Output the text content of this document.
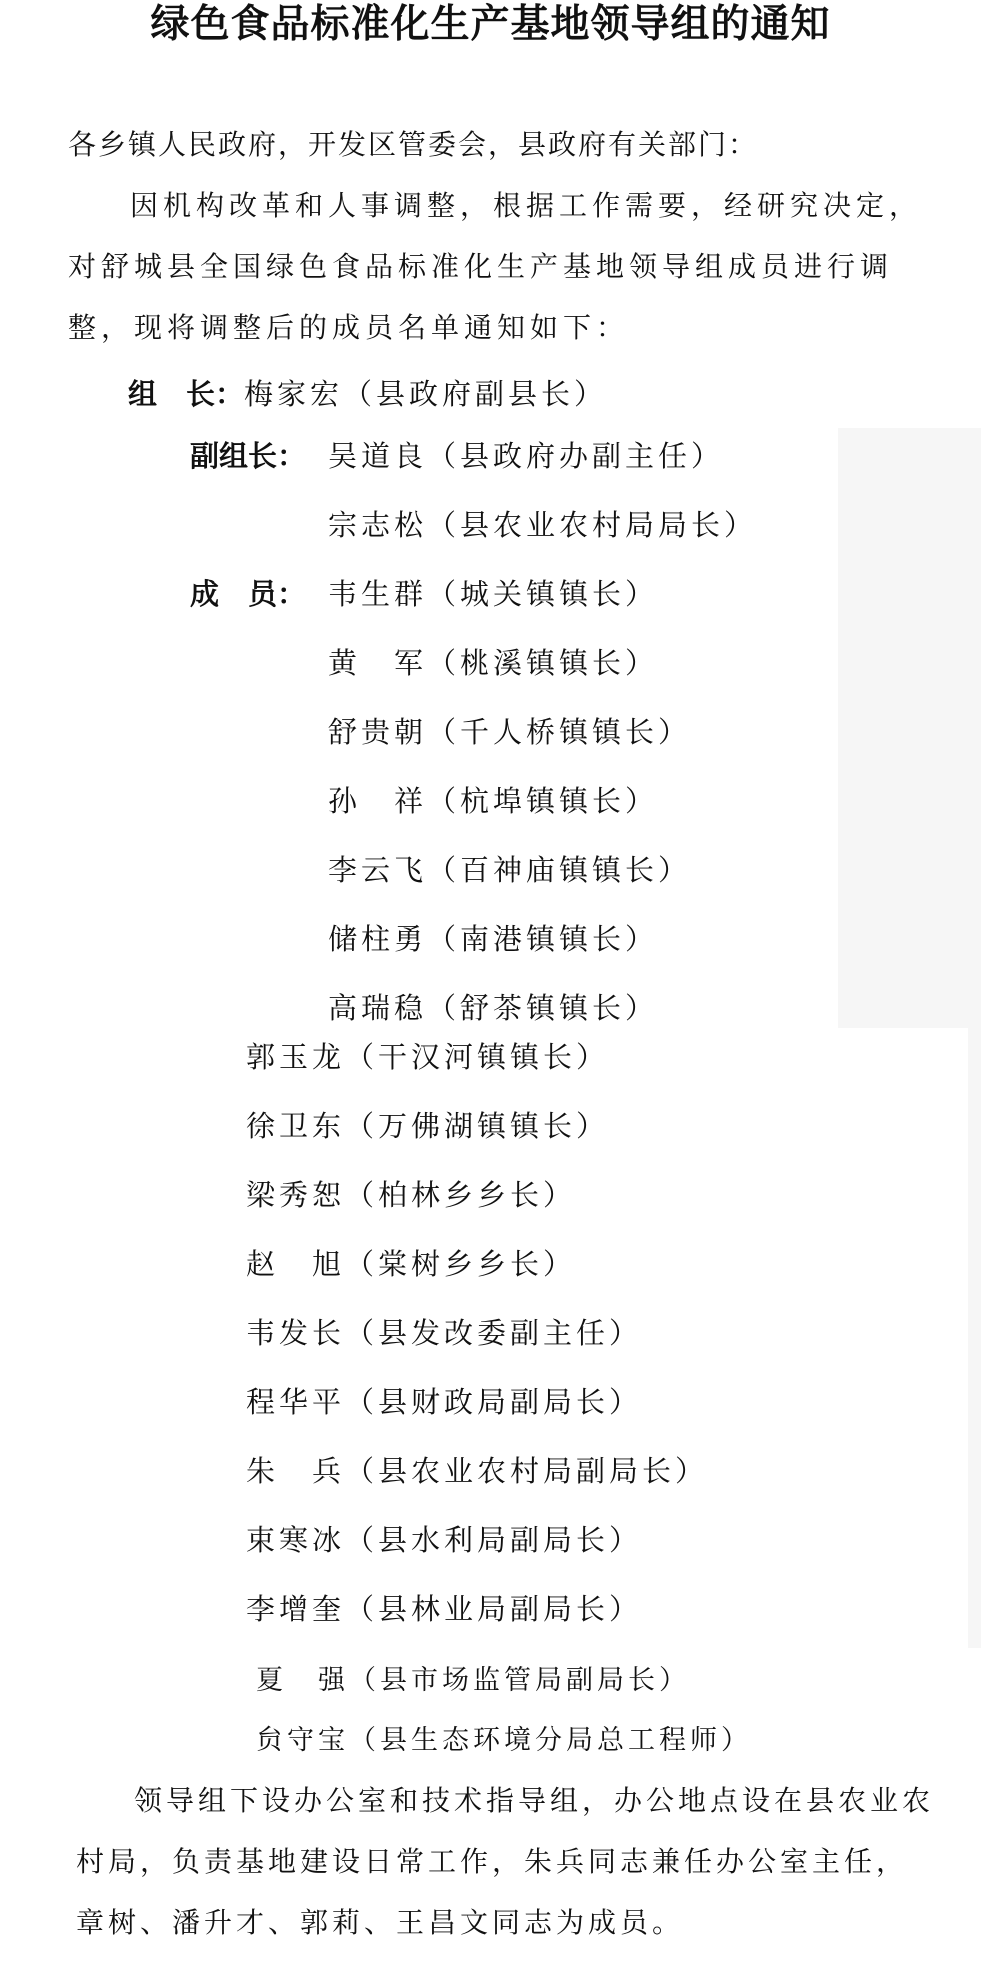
绿色食品标准化生产基地领导组的通知

各乡镇人民政府，开发区管委会，县政府有关部门：

因机构改革和人事调整，根据工作需要，经研究决定，对舒城县全国绿色食品标准化生产基地领导组成员进行调整，现将调整后的成员名单通知如下：

组　长：梅家宏（县政府副县长）
副组长： 吴道良（县政府办副主任）
宗志松（县农业农村局局长）
成　员： 韦生群（城关镇镇长）
黄　军（桃溪镇镇长）
舒贵朝（千人桥镇镇长）
孙　祥（杭埠镇镇长）
李云飞（百神庙镇镇长）
储柱勇（南港镇镇长）
高瑞稳（舒茶镇镇长）
郭玉龙（干汉河镇镇长）
徐卫东（万佛湖镇镇长）
梁秀恕（柏林乡乡长）
赵　旭（棠树乡乡长）
韦发长（县发改委副主任）
程华平（县财政局副局长）
朱　兵（县农业农村局副局长）
束寒冰（县水利局副局长）
李增奎（县林业局副局长）
夏　强（县市场监管局副局长）
贠守宝（县生态环境分局总工程师）

领导组下设办公室和技术指导组，办公地点设在县农业农村局，负责基地建设日常工作，朱兵同志兼任办公室主任，章树、潘升才、郭莉、王昌文同志为成员。
